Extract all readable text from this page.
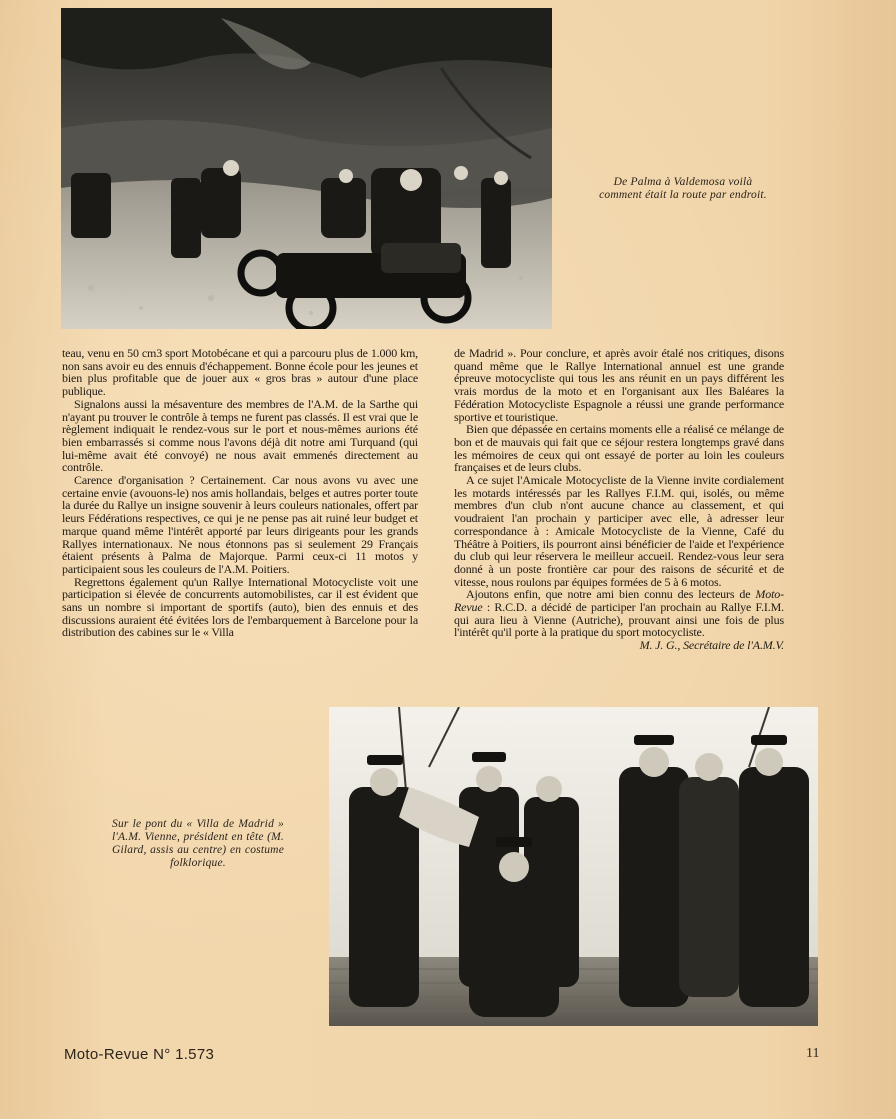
De Palma à Valdemosa voilà comment était la route par endroit.

teau, venu en 50 cm3 sport Motobécane et qui a parcouru plus de 1.000 km, non sans avoir eu des ennuis d'échappement. Bonne école pour les jeunes et bien plus profitable que de jouer aux « gros bras » autour d'une place publique.

Signalons aussi la mésaventure des membres de l'A.M. de la Sarthe qui n'ayant pu trouver le contrôle à temps ne furent pas classés. Il est vrai que le règlement indiquait le rendez-vous sur le port et nous-mêmes aurions été bien embarrassés si comme nous l'avons déjà dit notre ami Turquand (qui lui-même avait été convoyé) ne nous avait emmenés directement au contrôle.

Carence d'organisation ? Certainement. Car nous avons vu avec une certaine envie (avouons-le) nos amis hollandais, belges et autres porter toute la durée du Rallye un insigne souvenir à leurs couleurs nationales, offert par leurs Fédérations respectives, ce qui je ne pense pas ait ruiné leur budget et marque quand même l'intérêt apporté par leurs dirigeants pour les grands Rallyes internationaux. Ne nous étonnons pas si seulement 29 Français étaient présents à Palma de Majorque. Parmi ceux-ci 11 motos y participaient sous les couleurs de l'A.M. Poitiers.

Regrettons également qu'un Rallye International Motocycliste voit une participation si élevée de concurrents automobilistes, car il est évident que sans un nombre si important de sportifs (auto), bien des ennuis et des discussions auraient été évitées lors de l'embarquement à Barcelone pour la distribution des cabines sur le « Villa

de Madrid ». Pour conclure, et après avoir étalé nos critiques, disons quand même que le Rallye International annuel est une grande épreuve motocycliste qui tous les ans réunit en un pays différent les vrais mordus de la moto et en l'organisant aux Iles Baléares la Fédération Motocycliste Espagnole a réussi une grande performance sportive et touristique.

Bien que dépassée en certains moments elle a réalisé ce mélange de bon et de mauvais qui fait que ce séjour restera longtemps gravé dans les mémoires de ceux qui ont essayé de porter au loin les couleurs françaises et de leurs clubs.

A ce sujet l'Amicale Motocycliste de la Vienne invite cordialement les motards intéressés par les Rallyes F.I.M. qui, isolés, ou même membres d'un club n'ont aucune chance au classement, et qui voudraient l'an prochain y participer avec elle, à adresser leur correspondance à : Amicale Motocycliste de la Vienne, Café du Théâtre à Poitiers, ils pourront ainsi bénéficier de l'aide et l'expérience du club qui leur réservera le meilleur accueil. Rendez-vous leur sera donné à un poste frontière car pour des raisons de sécurité et de vitesse, nous roulons par équipes formées de 5 à 6 motos.

Ajoutons enfin, que notre ami bien connu des lecteurs de Moto-Revue : R.C.D. a décidé de participer l'an prochain au Rallye F.I.M. qui aura lieu à Vienne (Autriche), prouvant ainsi une fois de plus l'intérêt qu'il porte à la pratique du sport motocycliste.

M. J. G., Secrétaire de l'A.M.V.

Sur le pont du « Villa de Madrid » l'A.M. Vienne, président en tête (M. Gilard, assis au centre) en costume folklorique.
Moto-Revue N° 1.573	11
